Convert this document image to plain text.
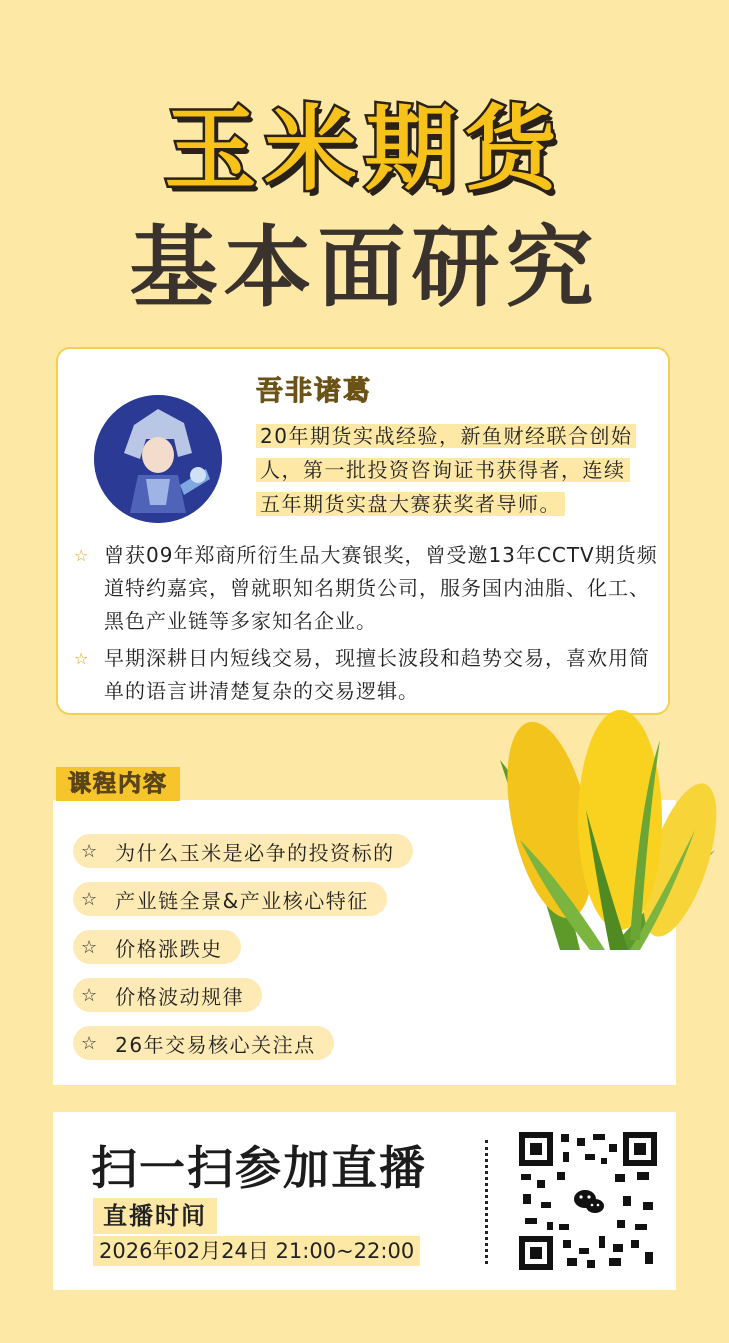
玉米期货
基本面研究
吾非诸葛
20年期货实战经验，新鱼财经联合创始
人，第一批投资咨询证书获得者，连续
五年期货实盘大赛获奖者导师。
☆ 曾获09年郑商所衍生品大赛银奖，曾受邀13年CCTV期货频道特约嘉宾，曾就职知名期货公司，服务国内油脂、化工、黑色产业链等多家知名企业。
☆ 早期深耕日内短线交易，现擅长波段和趋势交易，喜欢用简单的语言讲清楚复杂的交易逻辑。
☆ 为什么玉米是必争的投资标的
☆ 产业链全景&产业核心特征
☆ 价格涨跌史
☆ 价格波动规律
☆ 26年交易核心关注点
课程内容
扫一扫参加直播
直播时间
2026年02月24日 21:00~22:00
